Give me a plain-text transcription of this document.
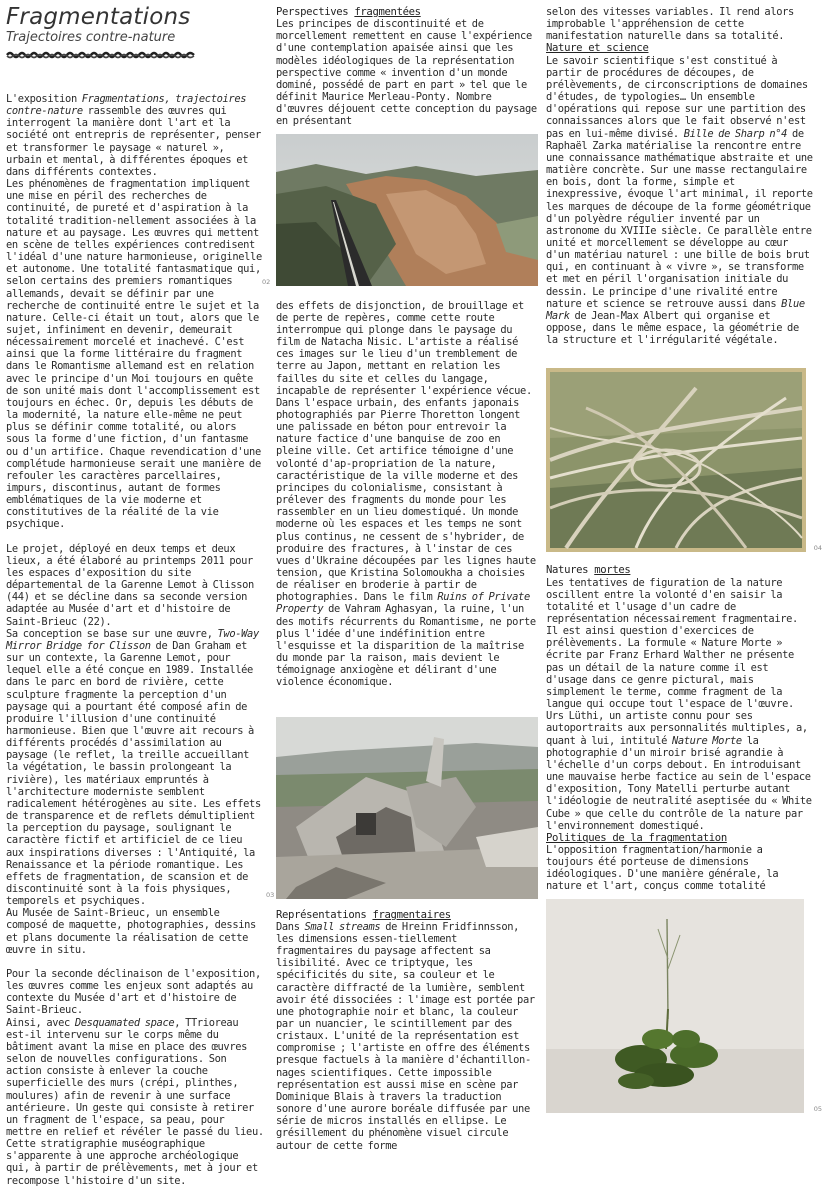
Fragmentations
Trajectoires contre-nature

L'exposition Fragmentations, trajectoires contre-nature rassemble des œuvres qui interrogent la manière dont l'art et la société ont entrepris de représenter, penser et transformer le paysage « naturel », urbain et mental, à différentes époques et dans différents contextes.

Les phénomènes de fragmentation impliquent une mise en péril des recherches de continuité, de pureté et d'aspiration à la totalité tradition-nellement associées à la nature et au paysage. Les œuvres qui mettent en scène de telles expériences contredisent l'idéal d'une nature harmonieuse, originelle et autonome. Une totalité fantasmatique qui, selon certains des premiers romantiques allemands, devait se définir par une recherche de continuité entre le sujet et la nature. Celle-ci était un tout, alors que le sujet, infiniment en devenir, demeurait nécessairement morcelé et inachevé. C'est ainsi que la forme littéraire du fragment dans le Romantisme allemand est en relation avec le principe d'un Moi toujours en quête de son unité mais dont l'accomplissement est toujours en échec. Or, depuis les débuts de la modernité, la nature elle-même ne peut plus se définir comme totalité, ou alors sous la forme d'une fiction, d'un fantasme ou d'un artifice. Chaque revendication d'une complétude harmonieuse serait une manière de refouler les caractères parcellaires, impurs, discontinus, autant de formes emblématiques de la vie moderne et constitutives de la réalité de la vie psychique.

Le projet, déployé en deux temps et deux lieux, a été élaboré au printemps 2011 pour les espaces d'exposition du site départemental de la Garenne Lemot à Clisson (44) et se décline dans sa seconde version adaptée au Musée d'art et d'histoire de Saint-Brieuc (22).

Sa conception se base sur une œuvre, Two-Way Mirror Bridge for Clisson de Dan Graham et sur un contexte, la Garenne Lemot, pour lequel elle a été conçue en 1989. Installée dans le parc en bord de rivière, cette sculpture fragmente la perception d'un paysage qui a pourtant été composé afin de produire l'illusion d'une continuité harmonieuse. Bien que l'œuvre ait recours à différents procédés d'assimilation au paysage (le reflet, la treille accueillant la végétation, le bassin prolongeant la rivière), les matériaux empruntés à l'architecture moderniste semblent radicalement hétérogènes au site. Les effets de transparence et de reflets démultiplient la perception du paysage, soulignant le caractère fictif et artificiel de ce lieu aux inspirations diverses : l'Antiquité, la Renaissance et la période romantique. Les effets de fragmentation, de scansion et de discontinuité sont à la fois physiques, temporels et psychiques.

Au Musée de Saint-Brieuc, un ensemble composé de maquette, photographies, dessins et plans documente la réalisation de cette œuvre in situ.

Pour la seconde déclinaison de l'exposition, les œuvres comme les enjeux sont adaptés au contexte du Musée d'art et d'histoire de Saint-Brieuc.

Ainsi, avec Desquamated space, TTrioreau est-il intervenu sur le corps même du bâtiment avant la mise en place des œuvres selon de nouvelles configurations. Son action consiste à enlever la couche superficielle des murs (crépi, plinthes, moulures) afin de revenir à une surface antérieure. Un geste qui consiste à retirer un fragment de l'espace, sa peau, pour mettre en relief et révéler le passé du lieu. Cette stratigraphie muséographique s'apparente à une approche archéologique qui, à partir de prélèvements, met à jour et recompose l'histoire d'un site.

Perspectives fragmentées

Les principes de discontinuité et de morcellement remettent en cause l'expérience d'une contemplation apaisée ainsi que les modèles idéologiques de la représentation perspective comme « invention d'un monde dominé, possédé de part en part » tel que le définit Maurice Merleau-Ponty. Nombre d'œuvres déjouent cette conception du paysage en présentant

02

des effets de disjonction, de brouillage et de perte de repères, comme cette route interrompue qui plonge dans le paysage du film de Natacha Nisic. L'artiste a réalisé ces images sur le lieu d'un tremblement de terre au Japon, mettant en relation les failles du site et celles du langage, incapable de représenter l'expérience vécue. Dans l'espace urbain, des enfants japonais photographiés par Pierre Thoretton longent une palissade en béton pour entrevoir la nature factice d'une banquise de zoo en pleine ville. Cet artifice témoigne d'une volonté d'ap-propriation de la nature, caractéristique de la ville moderne et des principes du colonialisme, consistant à prélever des fragments du monde pour les rassembler en un lieu domestiqué. Un monde moderne où les espaces et les temps ne sont plus continus, ne cessent de s'hybrider, de produire des fractures, à l'instar de ces vues d'Ukraine découpées par les lignes haute tension, que Kristina Solomoukha a choisies de réaliser en broderie à partir de photographies. Dans le film Ruins of Private Property de Vahram Aghasyan, la ruine, l'un des motifs récurrents du Romantisme, ne porte plus l'idée d'une indéfinition entre l'esquisse et la disparition de la maîtrise du monde par la raison, mais devient le témoignage anxiogène et délirant d'une violence économique.

03
Représentations fragmentaires

Dans Small streams de Hreinn Fridfinnsson, les dimensions essen-tiellement fragmentaires du paysage affectent sa lisibilité. Avec ce triptyque, les spécificités du site, sa couleur et le caractère diffracté de la lumière, semblent avoir été dissociées : l'image est portée par une photographie noir et blanc, la couleur par un nuancier, le scintillement par des cristaux. L'unité de la représentation est compromise ; l'artiste en offre des éléments presque factuels à la manière d'échantillon-nages scientifiques. Cette impossible représentation est aussi mise en scène par Dominique Blais à travers la traduction sonore d'une aurore boréale diffusée par une série de micros installés en ellipse. Le grésillement du phénomène visuel circule autour de cette forme

selon des vitesses variables. Il rend alors improbable l'appréhension de cette manifestation naturelle dans sa totalité.

Nature et science

Le savoir scientifique s'est constitué à partir de procédures de découpes, de prélèvements, de circonscriptions de domaines d'études, de typologies… Un ensemble d'opérations qui repose sur une partition des connaissances alors que le fait observé n'est pas en lui-même divisé. Bille de Sharp n°4 de Raphaël Zarka matérialise la rencontre entre une connaissance mathématique abstraite et une matière concrète. Sur une masse rectangulaire en bois, dont la forme, simple et inexpressive, évoque l'art minimal, il reporte les marques de découpe de la forme géométrique d'un polyèdre régulier inventé par un astronome du XVIIIe siècle. Ce parallèle entre unité et morcellement se développe au cœur d'un matériau naturel : une bille de bois brut qui, en continuant à « vivre », se transforme et met en péril l'organisation initiale du dessin. Le principe d'une rivalité entre nature et science se retrouve aussi dans Blue Mark de Jean-Max Albert qui organise et oppose, dans le même espace, la géométrie de la structure et l'irrégularité végétale.

04
Natures mortes

Les tentatives de figuration de la nature oscillent entre la volonté d'en saisir la totalité et l'usage d'un cadre de représentation nécessairement fragmentaire. Il est ainsi question d'exercices de prélèvements. La formule « Nature Morte » écrite par Franz Erhard Walther ne présente pas un détail de la nature comme il est d'usage dans ce genre pictural, mais simplement le terme, comme fragment de la langue qui occupe tout l'espace de l'œuvre. Urs Lüthi, un artiste connu pour ses autoportraits aux personnalités multiples, a, quant à lui, intitulé Nature Morte la photographie d'un miroir brisé agrandie à l'échelle d'un corps debout. En introduisant une mauvaise herbe factice au sein de l'espace d'exposition, Tony Matelli perturbe autant l'idéologie de neutralité aseptisée du « White Cube » que celle du contrôle de la nature par l'environnement domestiqué.

Politiques de la fragmentation

L'opposition fragmentation/harmonie a toujours été porteuse de dimensions idéologiques. D'une manière générale, la nature et l'art, conçus comme totalité

05
